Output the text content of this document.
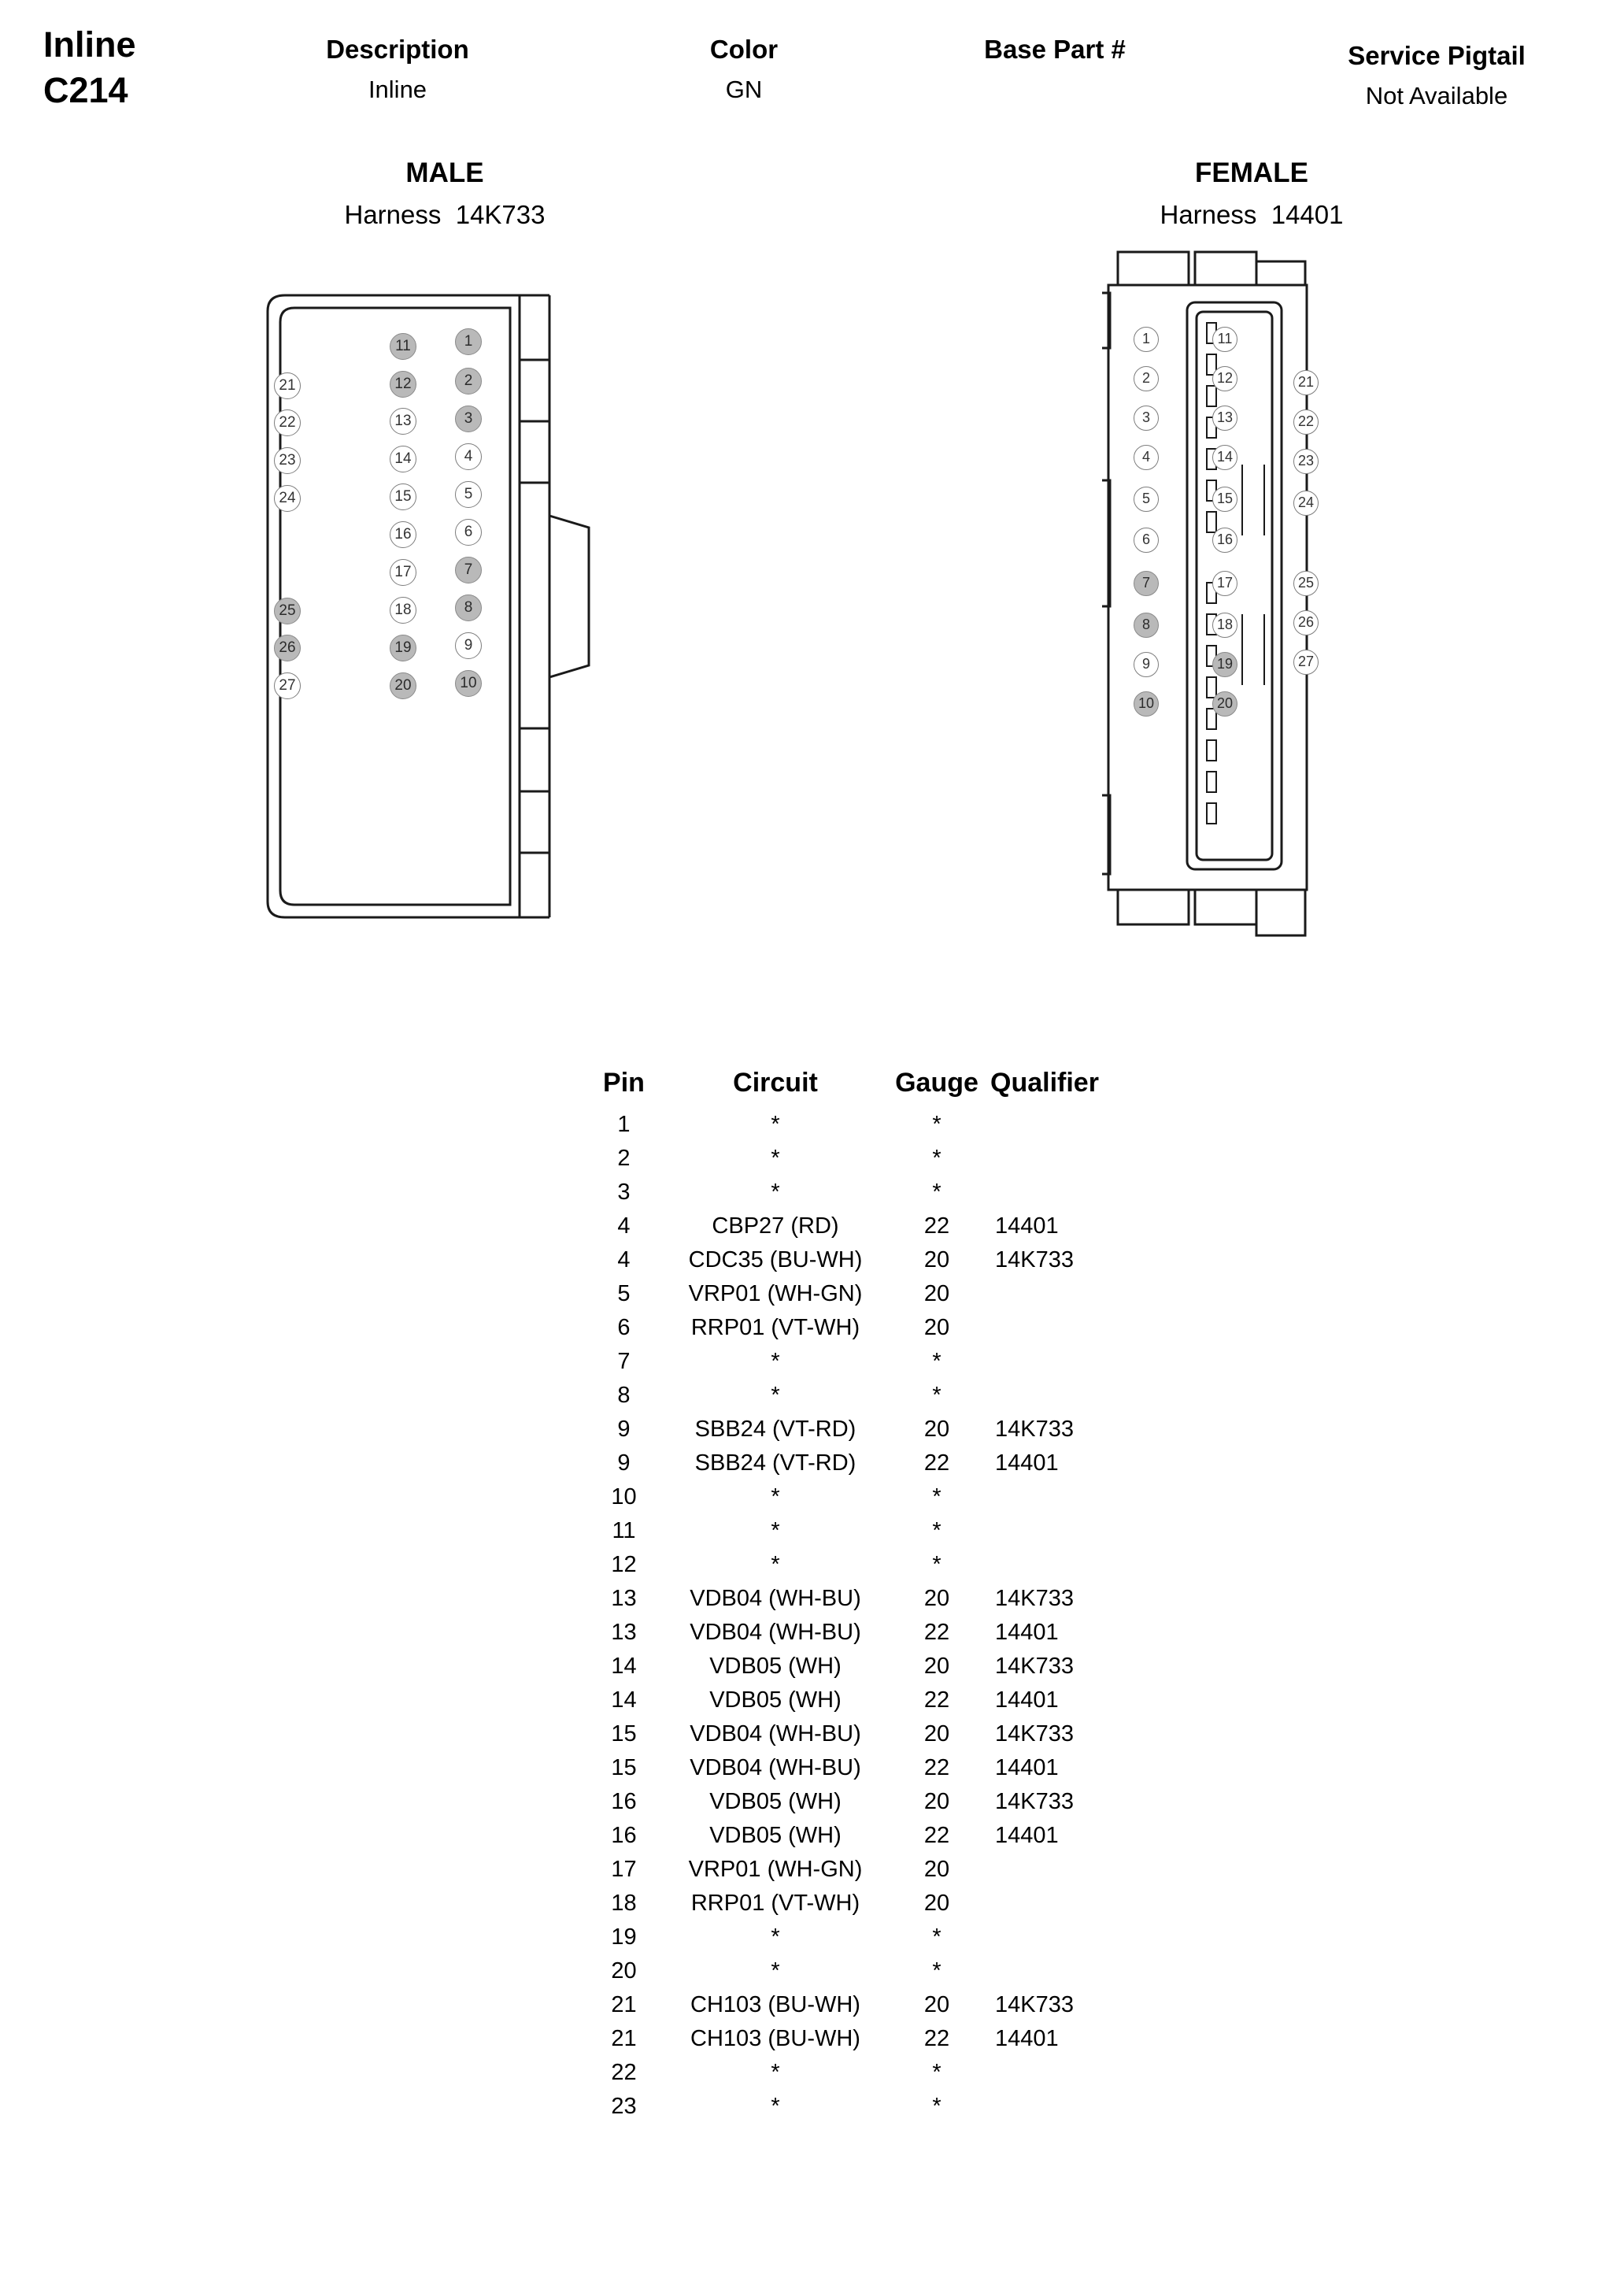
Inline
C214
Description
Inline
Color
GN
Base Part #	Service Pigtail
Not Available
MALE
Harness  14K733
11	1
21	12	2
22	13	3
23	14	4
15	5
24
16	6
17	7
25	18	8
26	19	9
27	20	10
FEMALE
Harness  14401
1	11
2	12	21
3	13	22
4	14	23
5	15	24
6	16
7	17	25
8	18	26
9	19	27
10	20
Pin	Circuit	Gauge	Qualifier
1	*	*	
2	*	*	
3	*	*	
4	CBP27 (RD)	22	14401
4	CDC35 (BU-WH)	20	14K733
5	VRP01 (WH-GN)	20	
6	RRP01 (VT-WH)	20	
7	*	*	
8	*	*	
9	SBB24 (VT-RD)	20	14K733
9	SBB24 (VT-RD)	22	14401
10	*	*	
11	*	*	
12	*	*	
13	VDB04 (WH-BU)	20	14K733
13	VDB04 (WH-BU)	22	14401
14	VDB05 (WH)	20	14K733
14	VDB05 (WH)	22	14401
15	VDB04 (WH-BU)	20	14K733
15	VDB04 (WH-BU)	22	14401
16	VDB05 (WH)	20	14K733
16	VDB05 (WH)	22	14401
17	VRP01 (WH-GN)	20	
18	RRP01 (VT-WH)	20	
19	*	*	
20	*	*	
21	CH103 (BU-WH)	20	14K733
21	CH103 (BU-WH)	22	14401
22	*	*	
23	*	*	
